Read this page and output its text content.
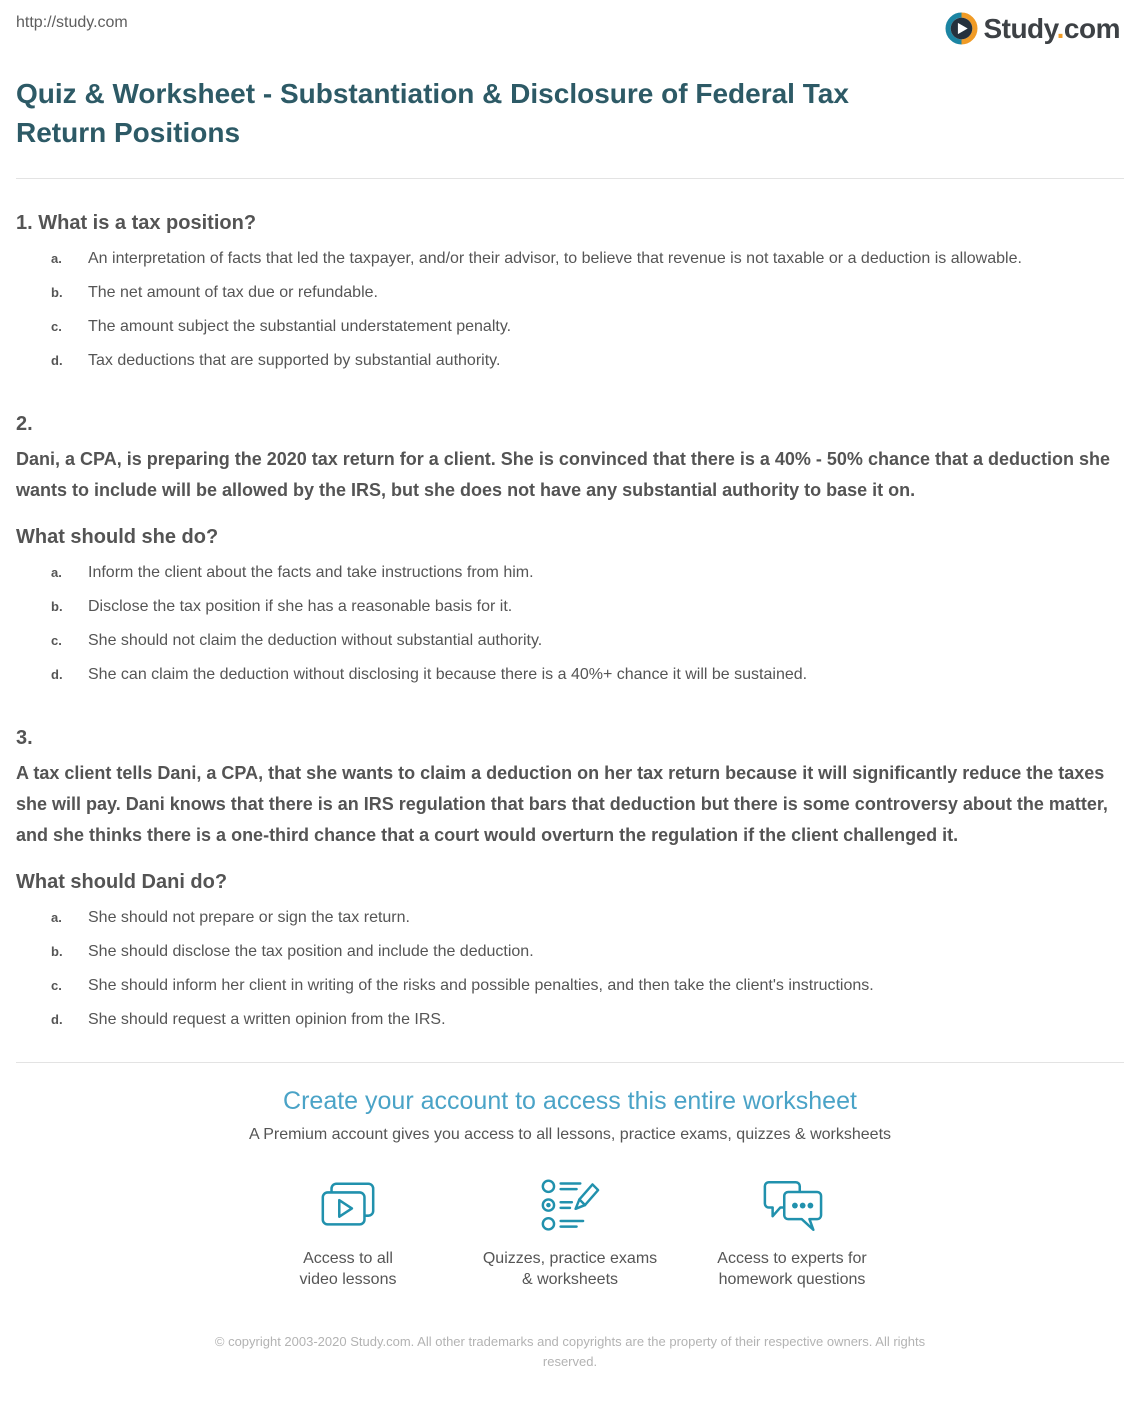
http://study.com	Study.com
Quiz & Worksheet - Substantiation & Disclosure of Federal Tax Return Positions
1. What is a tax position?
a.	An interpretation of facts that led the taxpayer, and/or their advisor, to believe that revenue is not taxable or a deduction is allowable.
b.	The net amount of tax due or refundable.
c.	The amount subject the substantial understatement penalty.
d.	Tax deductions that are supported by substantial authority.
2.

Dani, a CPA, is preparing the 2020 tax return for a client. She is convinced that there is a 40% - 50% chance that a deduction she wants to include will be allowed by the IRS, but she does not have any substantial authority to base it on.

What should she do?
a.	Inform the client about the facts and take instructions from him.
b.	Disclose the tax position if she has a reasonable basis for it.
c.	She should not claim the deduction without substantial authority.
d.	She can claim the deduction without disclosing it because there is a 40%+ chance it will be sustained.
3.

A tax client tells Dani, a CPA, that she wants to claim a deduction on her tax return because it will significantly reduce the taxes she will pay. Dani knows that there is an IRS regulation that bars that deduction but there is some controversy about the matter, and she thinks there is a one-third chance that a court would overturn the regulation if the client challenged it.

What should Dani do?
a.	She should not prepare or sign the tax return.
b.	She should disclose the tax position and include the deduction.
c.	She should inform her client in writing of the risks and possible penalties, and then take the client's instructions.
d.	She should request a written opinion from the IRS.
Create your account to access this entire worksheet

A Premium account gives you access to all lessons, practice exams, quizzes & worksheets

Access to all
video lessons
Quizzes, practice exams
& worksheets
Access to experts for
homework questions

© copyright 2003-2020 Study.com. All other trademarks and copyrights are the property of their respective owners. All rights reserved.
